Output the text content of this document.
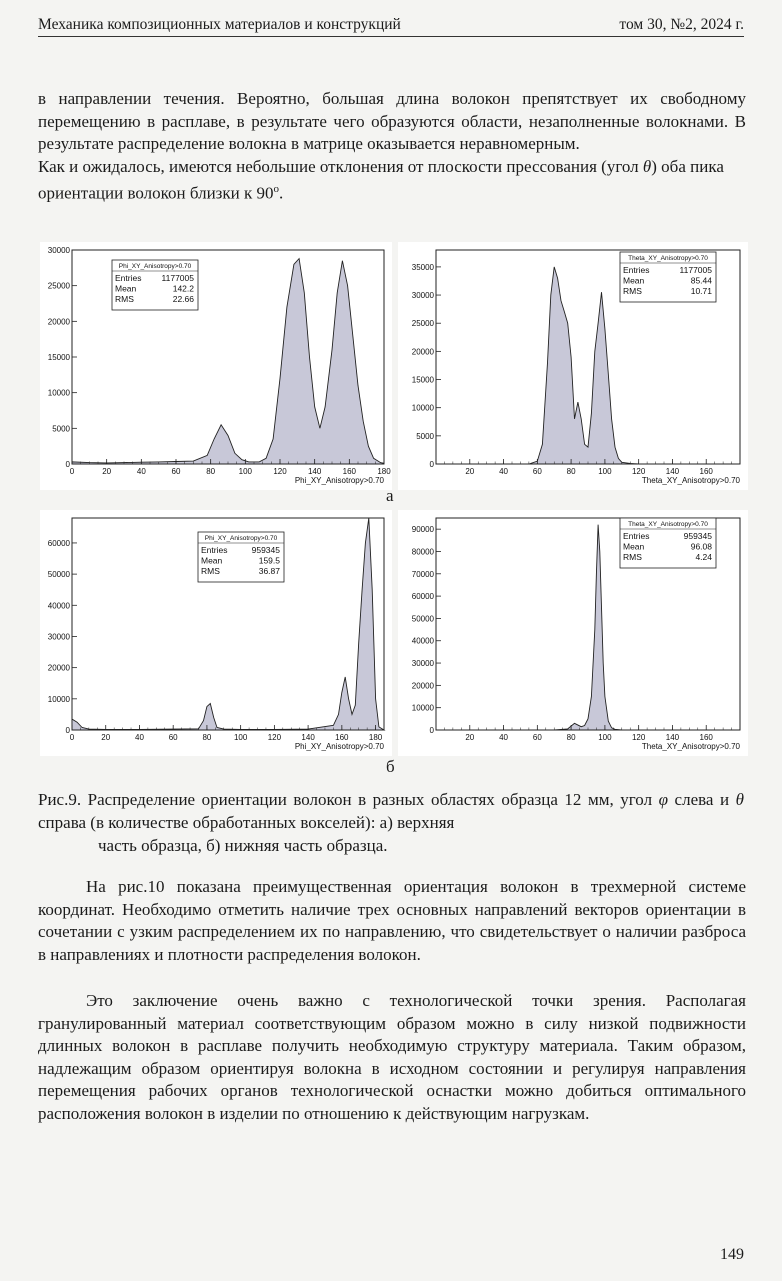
Механика композиционных материалов и конструкций	том 30, №2, 2024 г.

в направлении течения. Вероятно, большая длина волокон препятствует их свободному перемещению в расплаве, в результате чего образуются области, незаполненные волокнами. В результате распределение волокна в матрице оказывается неравномерным.

Как и ожидалось, имеются небольшие отклонения от плоскости прессования (угол θ) оба пика ориентации волокон близки к $90^о$.

0	20	40	60	80	100	120	140	160	180
0
5000
10000
15000
20000
25000
30000
Phi_XY_Anisotropy>0.70
Phi_XY_Anisotropy>0.70
Entries 1177005
Mean	142.2
RMS	22.66
20	40	60	80	100	120	140	160
0
5000
10000
15000
20000
25000
30000
35000
Theta_XY_Anisotropy>0.70
Theta_XY_Anisotropy>0.70
Entries	1177005
Mean	85.44
RMS	10.71
а
0	20	40	60	80	100	120	140	160	180
0
10000
20000
30000
40000
50000
60000
Phi_XY_Anisotropy>0.70
Phi_XY_Anisotropy>0.70
Entries	959345
Mean	159.5
RMS	36.87
20	40	60	80	100	120	140	160
0
10000
20000
30000
40000
50000
60000
70000
80000
90000
Theta_XY_Anisotropy>0.70
Theta_XY_Anisotropy>0.70
Entries	959345
Mean	96.08
RMS	4.24
б
Рис.9. Распределение ориентации волокон в разных областях образца 12 мм, угол φ слева и θ справа (в количестве обработанных вокселей): а) верхняя
часть образца, б) нижняя часть образца.

На рис.10 показана преимущественная ориентация волокон в трехмерной системе координат. Необходимо отметить наличие трех основных направлений векторов ориентации в сочетании с узким распределением их по направлению, что свидетельствует о наличии разброса в направлениях и плотности распределения волокон.

Это заключение очень важно с технологической точки зрения. Располагая гранулированный материал соответствующим образом можно в силу низкой подвижности длинных волокон в расплаве получить необходимую структуру материала. Таким образом, надлежащим образом ориентируя волокна в исходном состоянии и регулируя направления перемещения рабочих органов технологической оснастки можно добиться оптимального расположения волокон в изделии по отношению к действующим нагрузкам.

149
